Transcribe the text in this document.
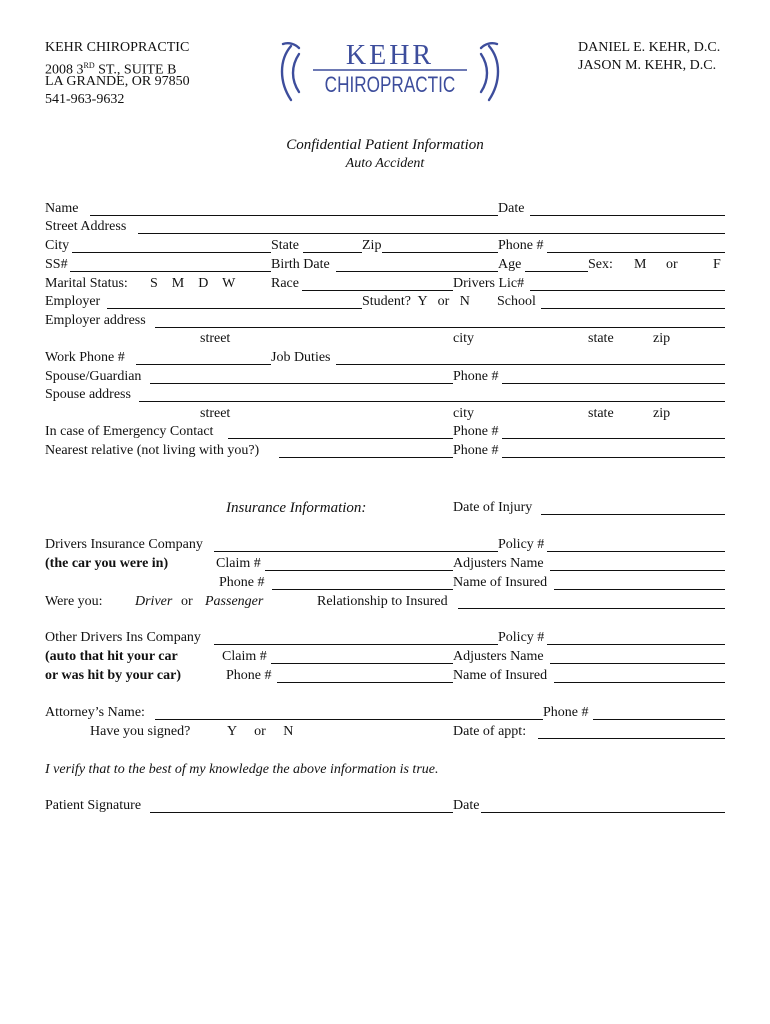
KEHR CHIROPRACTIC
2008 3RD ST., SUITE B
LA GRANDE, OR 97850
541-963-9632
KEHR
CHIROPRACTIC
DANIEL E. KEHR, D.C.
JASON M. KEHR, D.C.
Confidential Patient Information
Auto Accident
Name	Date
Street Address
City	State	Zip	Phone #
SS#	Birth Date	Age	Sex: M or	F
Marital Status: S    M    D    W	Race	Drivers Lic#
Employer	Student?  Y   or   N School
Employer address
street	city	state	zip
Work Phone #	Job Duties
Spouse/Guardian	Phone #
Spouse address
street	city	state	zip
In case of Emergency Contact	Phone #
Nearest relative (not living with you?)	Phone #
Insurance Information:	Date of Injury
Drivers Insurance Company	Policy #
(the car you were in)	Claim #	Adjusters Name
Phone #	Name of Insured
Were you: Driver or Passenger	Relationship to Insured
Other Drivers Ins Company	Policy #
(auto that hit your car	Claim #	Adjusters Name
or was hit by your car)	Phone #	Name of Insured
Attorney’s Name:	Phone #
Have you signed?	Y     or     N	Date of appt:
I verify that to the best of my knowledge the above information is true.
Patient Signature	Date
